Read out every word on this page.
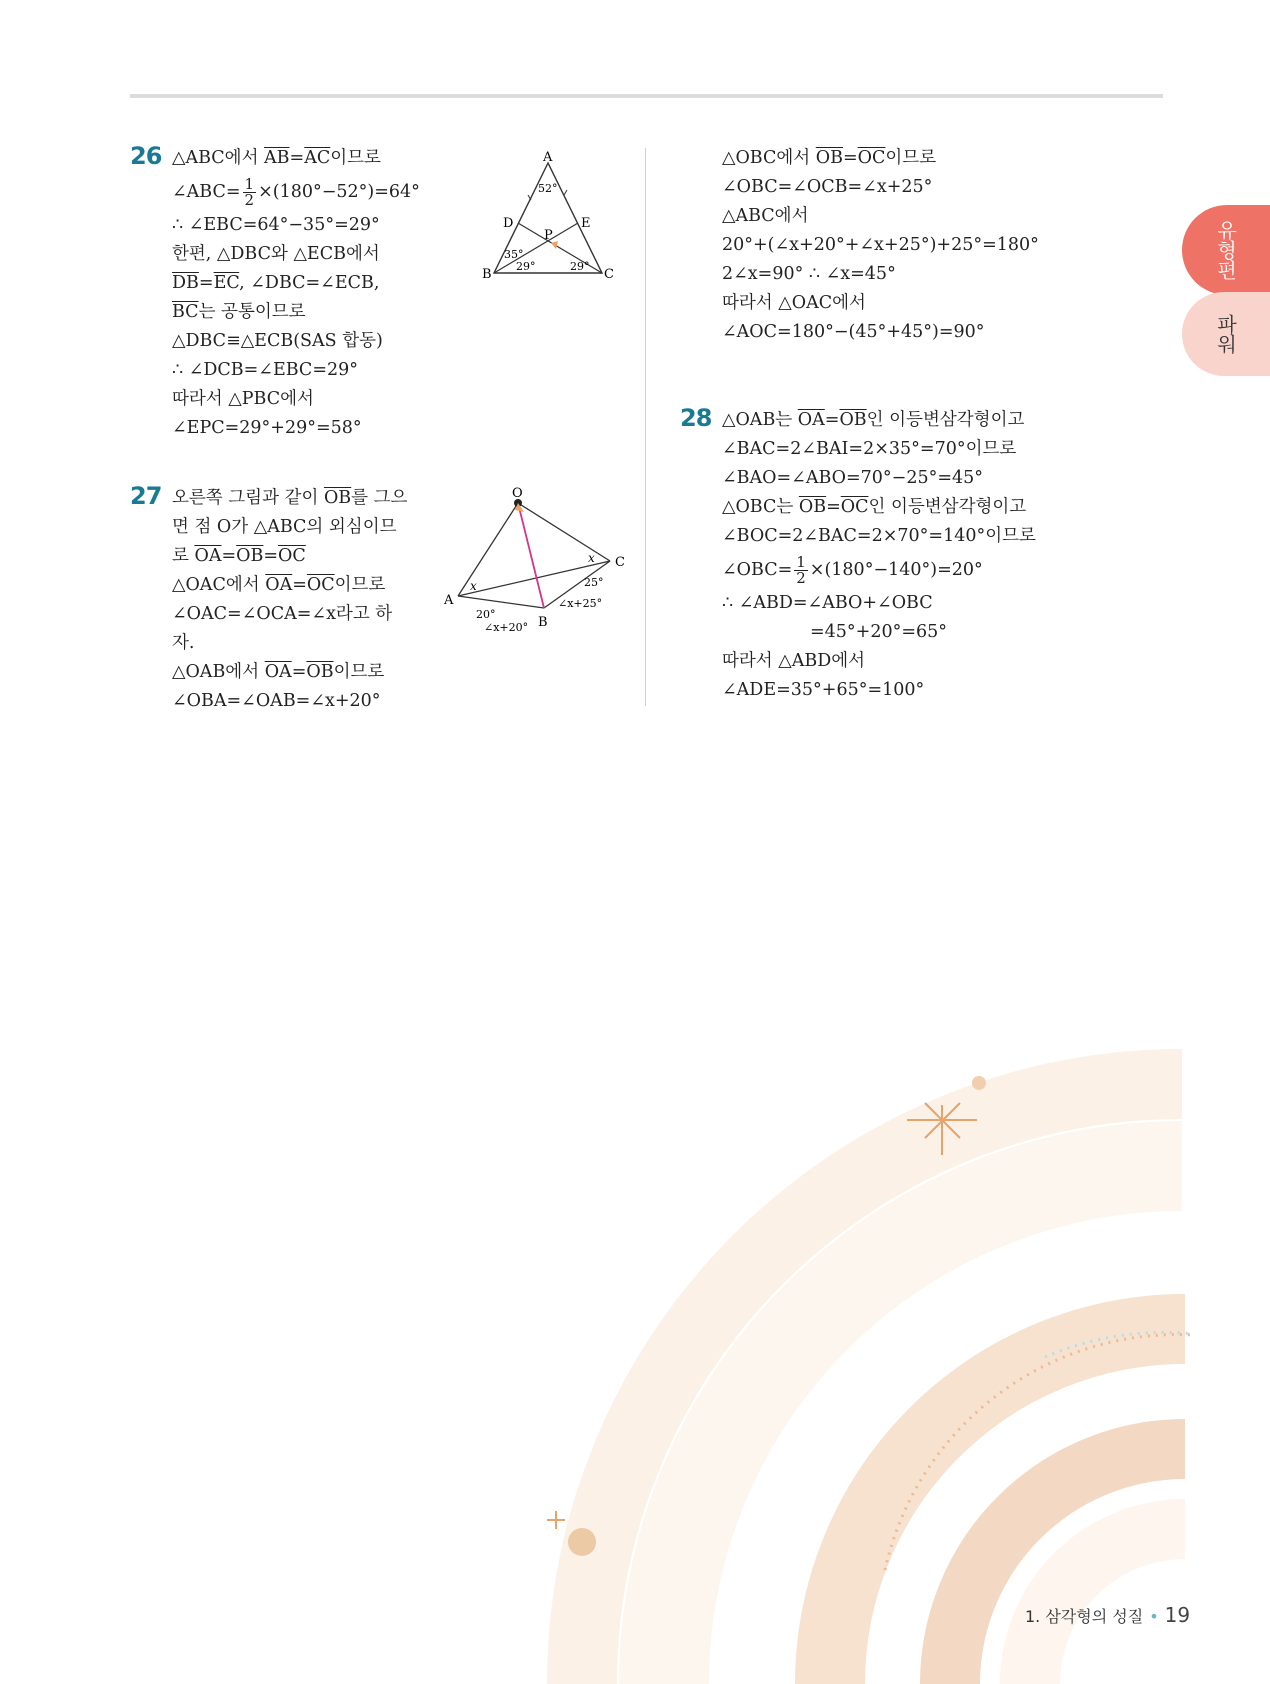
유형편
파워
26 △ABC에서 $\overline{AB}=\overline{AC}$이므로
∠ABC= $\frac{1}{2} \times(180^\circ-52^\circ)=64^\circ$
∴ ∠EBC=64°−35°=29°
한편, △DBC와 △ECB에서
$\overline{DB}=\overline{EC}$, ∠DBC=∠ECB,
$\overline{BC}$는 공통이므로
△DBC≡△ECB(SAS 합동)
∴ ∠DCB=∠EBC=29°
따라서 △PBC에서
∠EPC=29°+29°=58°
A
B	C
D	E
P
52°
35°
29°	29°
27 오른쪽 그림과 같이 $\overline{OB}$를 그으
면 점 O가 △ABC의 외심이므
로 $\overline{OA}=\overline{OB}=\overline{OC}$
△OAC에서 $\overline{OA}=\overline{OC}$이므로
∠OAC=∠OCA=∠x라고 하
자.
△OAB에서 $\overline{OA}=\overline{OB}$이므로
∠OBA=∠OAB=∠x+20°
O
A
B
C
x
x
20°
25°
∠x+25°
∠x+20°
△OBC에서 $\overline{OB}=\overline{OC}$이므로
∠OBC=∠OCB=∠x+25°
△ABC에서
20°+(∠x+20°+∠x+25°)+25°=180°
2∠x=90° ∴ ∠x=45°
따라서 △OAC에서
∠AOC=180°−(45°+45°)=90°
28 △OAB는 $\overline{OA}=\overline{OB}$인 이등변삼각형이고
∠BAC=2∠BAI=2×35°=70°이므로
∠BAO=∠ABO=70°−25°=45°
△OBC는 $\overline{OB}=\overline{OC}$인 이등변삼각형이고
∠BOC=2∠BAC=2×70°=140°이므로
∠OBC= $\frac{1}{2} \times(180^\circ-140^\circ)=20^\circ$
∴ ∠ABD=∠ABO+∠OBC
=45°+20°=65°
따라서 △ABD에서
∠ADE=35°+65°=100°
1. 삼각형의 성질 • 19
